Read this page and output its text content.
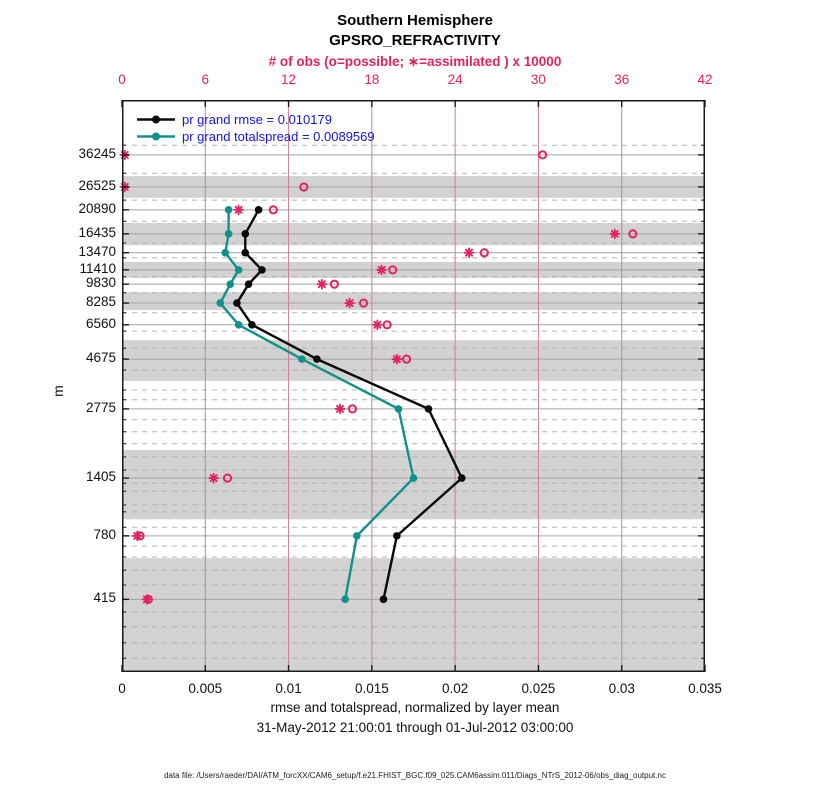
Southern Hemisphere
GPSRO_REFRACTIVITY
# of obs (o=possible; ∗=assimilated ) x 10000
m
pr grand rmse = 0.010179
pr grand totalspread = 0.0089569
rmse and totalspread, normalized by layer mean
31-May-2012 21:00:01 through 01-Jul-2012 03:00:00
data file: /Users/raeder/DAI/ATM_forcXX/CAM6_setup/f.e21.FHIST_BGC.f09_025.CAM6assim.011/Diags_NTrS_2012-06/obs_diag_output.nc
0	6	12	18	24	30	36	42
0	0.005	0.01	0.015	0.02	0.025	0.03	0.035
36245
26525
20890
16435
13470
11410
9830
8285
6560
4675
2775
1405
780
415
